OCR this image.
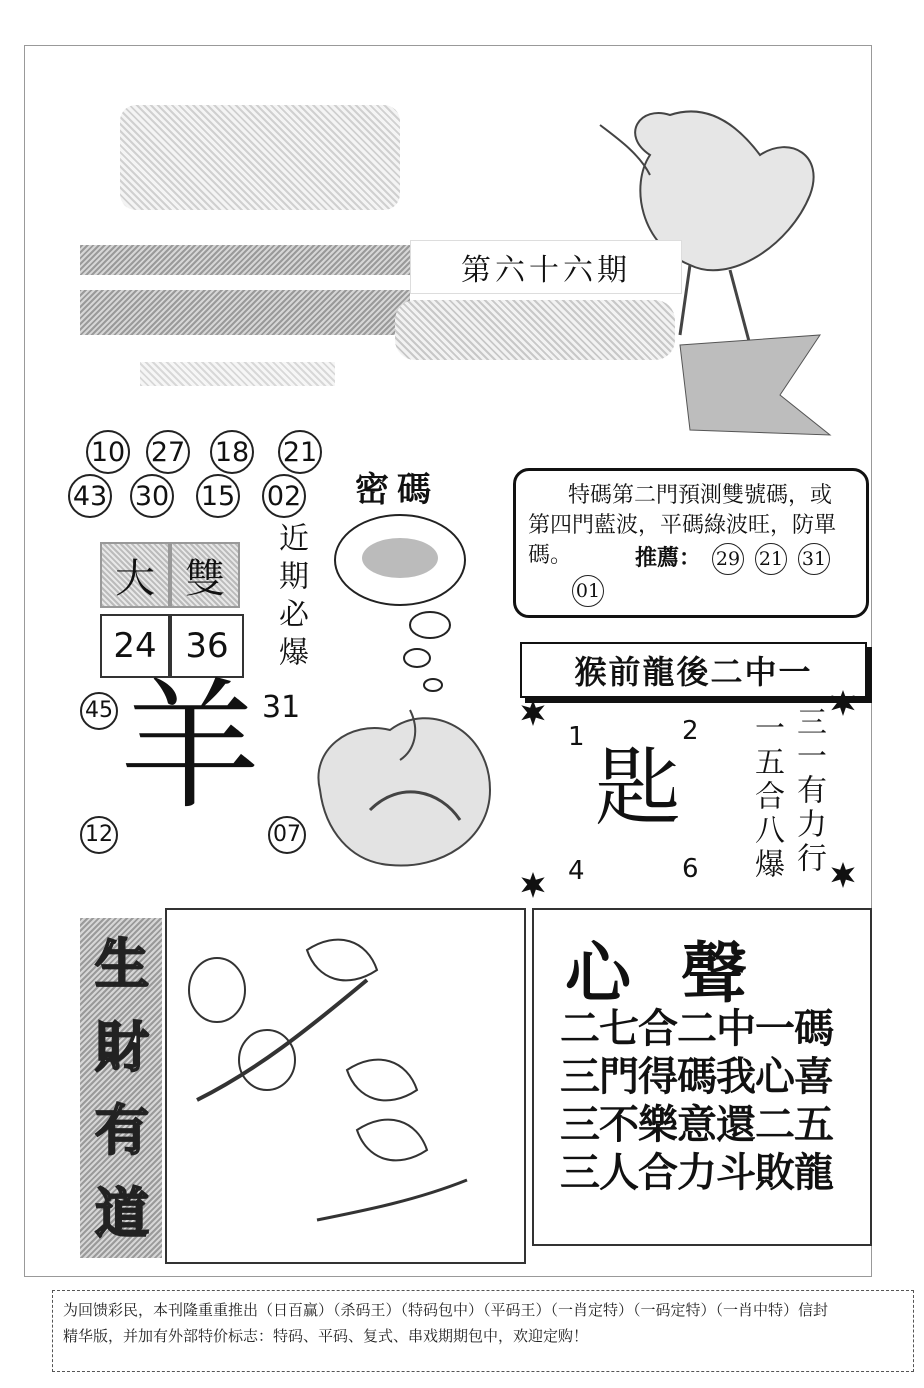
第六十六期
10 27 18 21
43 30 15 02 密碼
近期必爆
大 雙
24 36
45 羊 31
12	07

特碼第二門預測雙號碼，或

第四門藍波，平碼綠波旺，防單

碼。	推薦： 29 21 31 01

猴前龍後二中一
1	2
4	6
匙	三一有力行
一五合八爆
生
財
有
道
心聲
二七合二中一碼
三門得碼我心喜
三不樂意還二五
三人合力斗敗龍
为回馈彩民，本刊隆重重推出（日百赢）（杀码王）（特码包中）（平码王）（一肖定特）（一码定特）（一肖中特）信封
精华版，并加有外部特价标志：特码、平码、复式、串戏期期包中，欢迎定购！
